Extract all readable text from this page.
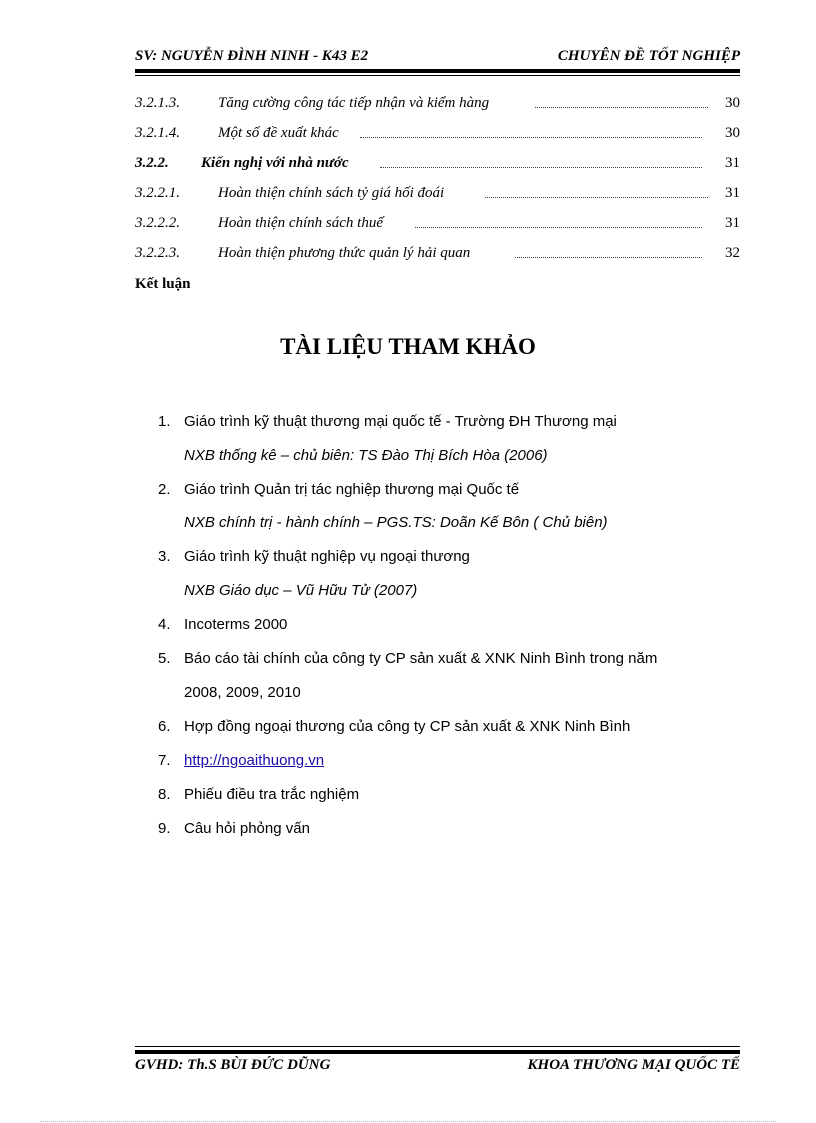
SV: NGUYỄN ĐÌNH NINH - K43 E2	CHUYÊN ĐỀ TỐT NGHIỆP
3.2.1.3.	Tăng cường công tác tiếp nhận và kiểm hàng	30
3.2.1.4.	Một số đề xuất khác	30
3.2.2. Kiến nghị với nhà nước	31
3.2.2.1.	Hoàn thiện chính sách tỷ giá hối đoái	31
3.2.2.2.	Hoàn thiện chính sách thuế	31
3.2.2.3.	Hoàn thiện phương thức quản lý hải quan	32
Kết luận
TÀI LIỆU THAM KHẢO
1. Giáo trình kỹ thuật thương mại quốc tế - Trường ĐH Thương mại
NXB thống kê – chủ biên: TS Đào Thị Bích Hòa (2006)
2. Giáo trình Quản trị tác nghiệp thương mại Quốc tế
NXB chính trị - hành chính – PGS.TS: Doãn Kế Bôn ( Chủ biên)
3. Giáo trình kỹ thuật nghiệp vụ ngoại thương
NXB Giáo dục – Vũ Hữu Tử (2007)
4. Incoterms 2000
5. Báo cáo tài chính của công ty CP sản xuất & XNK Ninh Bình trong năm
2008, 2009, 2010
6. Hợp đồng ngoại thương của công ty CP sản xuất & XNK Ninh Bình
7. http://ngoaithuong.vn
8. Phiếu điều tra trắc nghiệm
9. Câu hỏi phỏng vấn
GVHD: Th.S BÙI ĐỨC DŨNG	KHOA THƯƠNG MẠI QUỐC TẾ
